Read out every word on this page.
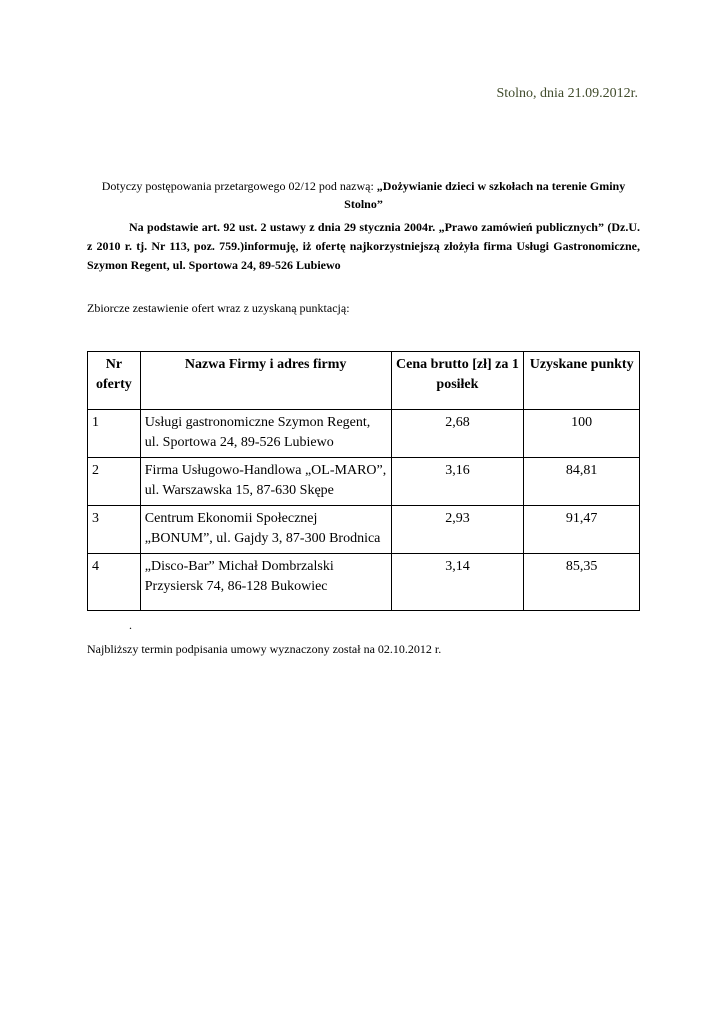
Stolno, dnia 21.09.2012r.
Dotyczy postępowania przetargowego 02/12 pod nazwą: „Dożywianie dzieci w szkołach na terenie Gminy Stolno”
Na podstawie art. 92 ust. 2 ustawy z dnia 29 stycznia 2004r. „Prawo zamówień publicznych” (Dz.U. z 2010 r. tj. Nr 113, poz. 759.)informuję, iż ofertę najkorzystniejszą złożyła firma Usługi Gastronomiczne, Szymon Regent, ul. Sportowa 24, 89-526 Lubiewo
Zbiorcze zestawienie ofert wraz z uzyskaną punktacją:
Nr oferty	Nazwa Firmy i adres firmy	Cena brutto [zł] za 1 posiłek	Uzyskane punkty
1	Usługi gastronomiczne Szymon Regent,
ul. Sportowa 24, 89-526 Lubiewo	2,68	100
2	Firma Usługowo-Handlowa „OL-MARO”,
ul. Warszawska 15, 87-630 Skępe	3,16	84,81
3	Centrum Ekonomii Społecznej
„BONUM”, ul. Gajdy 3, 87-300 Brodnica	2,93	91,47
4	„Disco-Bar” Michał Dombrzalski
Przysiersk 74, 86-128 Bukowiec	3,14	85,35
.
Najbliższy termin podpisania umowy wyznaczony został na 02.10.2012 r.
